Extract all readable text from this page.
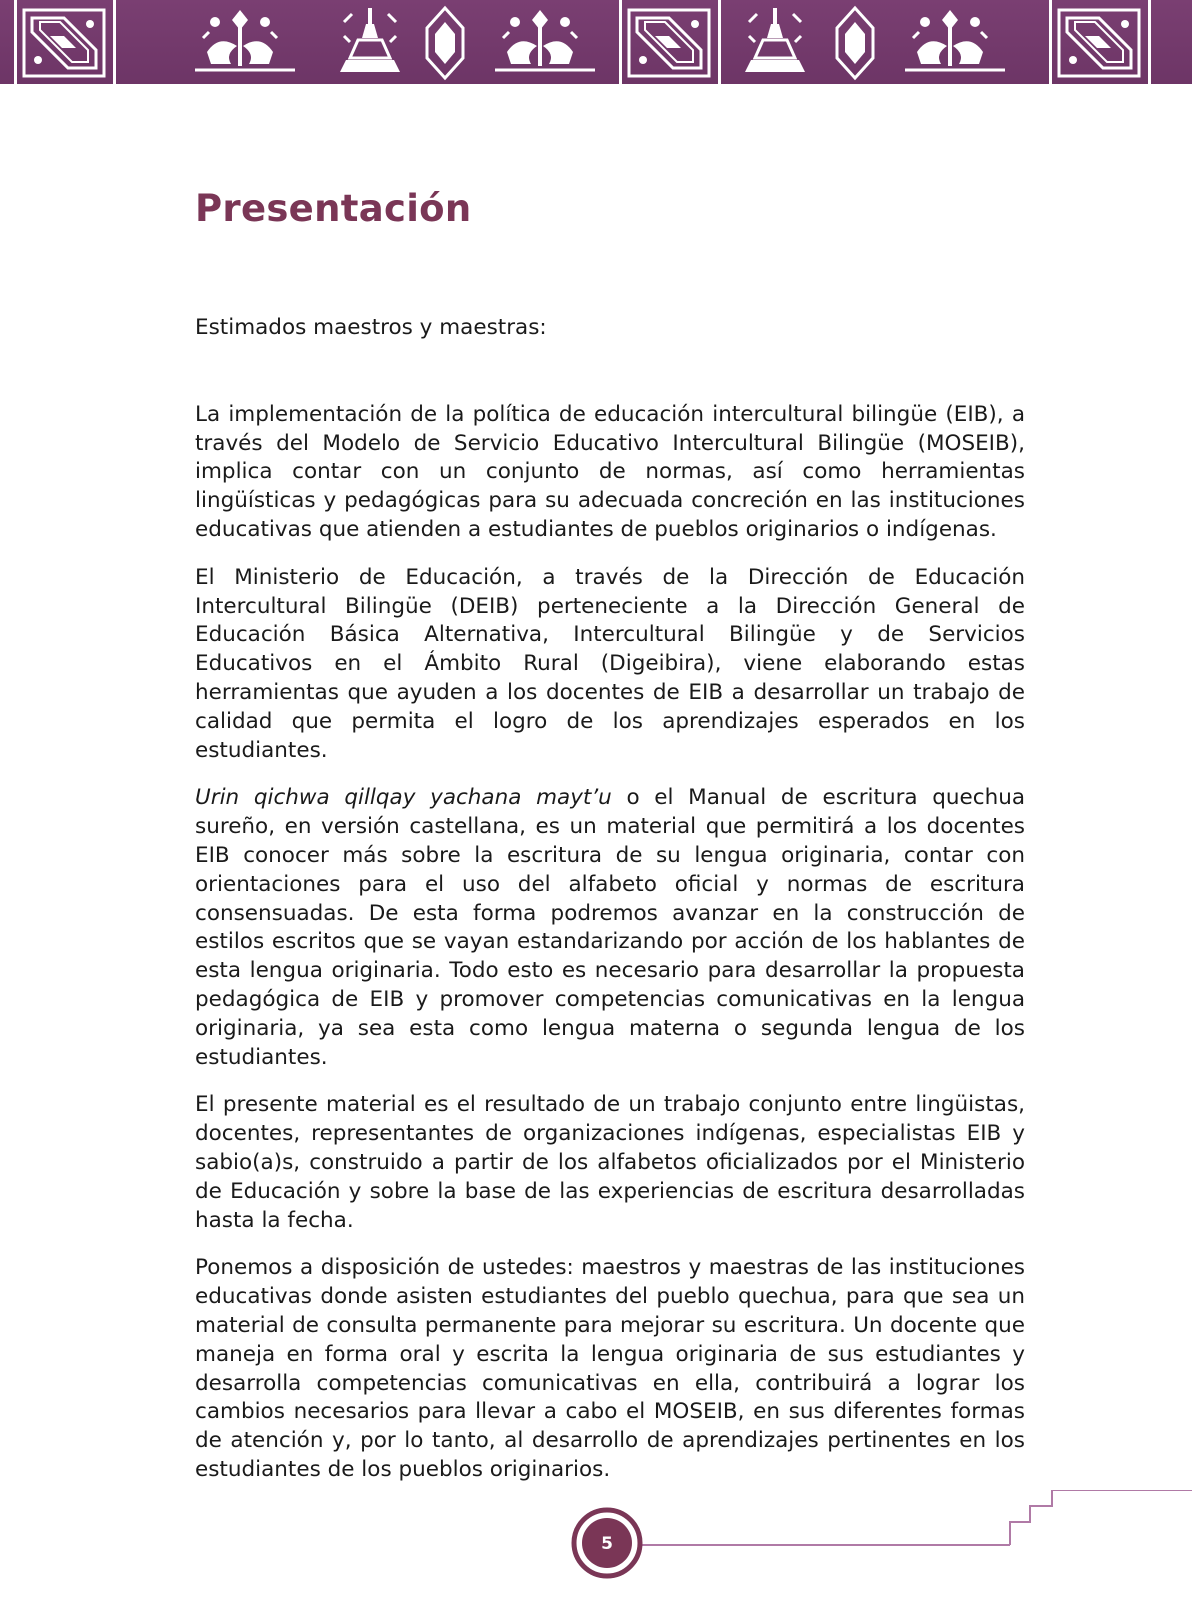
Presentación

Estimados maestros y maestras:

La implementación de la política de educación intercultural bilingüe (EIB), a través del Modelo de Servicio Educativo Intercultural Bilingüe (MOSEIB), implica contar con un conjunto de normas, así como herramientas lingüísticas y pedagógicas para su adecuada concreción en las instituciones educativas que atienden a estudiantes de pueblos originarios o indígenas.

El Ministerio de Educación, a través de la Dirección de Educación Intercultural Bilingüe (DEIB) perteneciente a la Dirección General de Educación Básica Alternativa, Intercultural Bilingüe y de Servicios Educativos en el Ámbito Rural (Digeibira), viene elaborando estas herramientas que ayuden a los docentes de EIB a desarrollar un trabajo de calidad que permita el logro de los aprendizajes esperados en los estudiantes.

Urin qichwa qillqay yachana mayt’u o el Manual de escritura quechua sureño, en versión castellana, es un material que permitirá a los docentes EIB conocer más sobre la escritura de su lengua originaria, contar con orientaciones para el uso del alfabeto oficial y normas de escritura consensuadas. De esta forma podremos avanzar en la construcción de estilos escritos que se vayan estandarizando por acción de los hablantes de esta lengua originaria. Todo esto es necesario para desarrollar la propuesta pedagógica de EIB y promover competencias comunicativas en la lengua originaria, ya sea esta como lengua materna o segunda lengua de los estudiantes.

El presente material es el resultado de un trabajo conjunto entre lingüistas, docentes, representantes de organizaciones indígenas, especialistas EIB y sabio(a)s, construido a partir de los alfabetos oficializados por el Ministerio de Educación y sobre la base de las experiencias de escritura desarrolladas hasta la fecha.

Ponemos a disposición de ustedes: maestros y maestras de las instituciones educativas donde asisten estudiantes del pueblo quechua, para que sea un material de consulta permanente para mejorar su escritura. Un docente que maneja en forma oral y escrita la lengua originaria de sus estudiantes y desarrolla competencias comunicativas en ella, contribuirá a lograr los cambios necesarios para llevar a cabo el MOSEIB, en sus diferentes formas de atención y, por lo tanto, al desarrollo de aprendizajes pertinentes en los estudiantes de los pueblos originarios.

5
